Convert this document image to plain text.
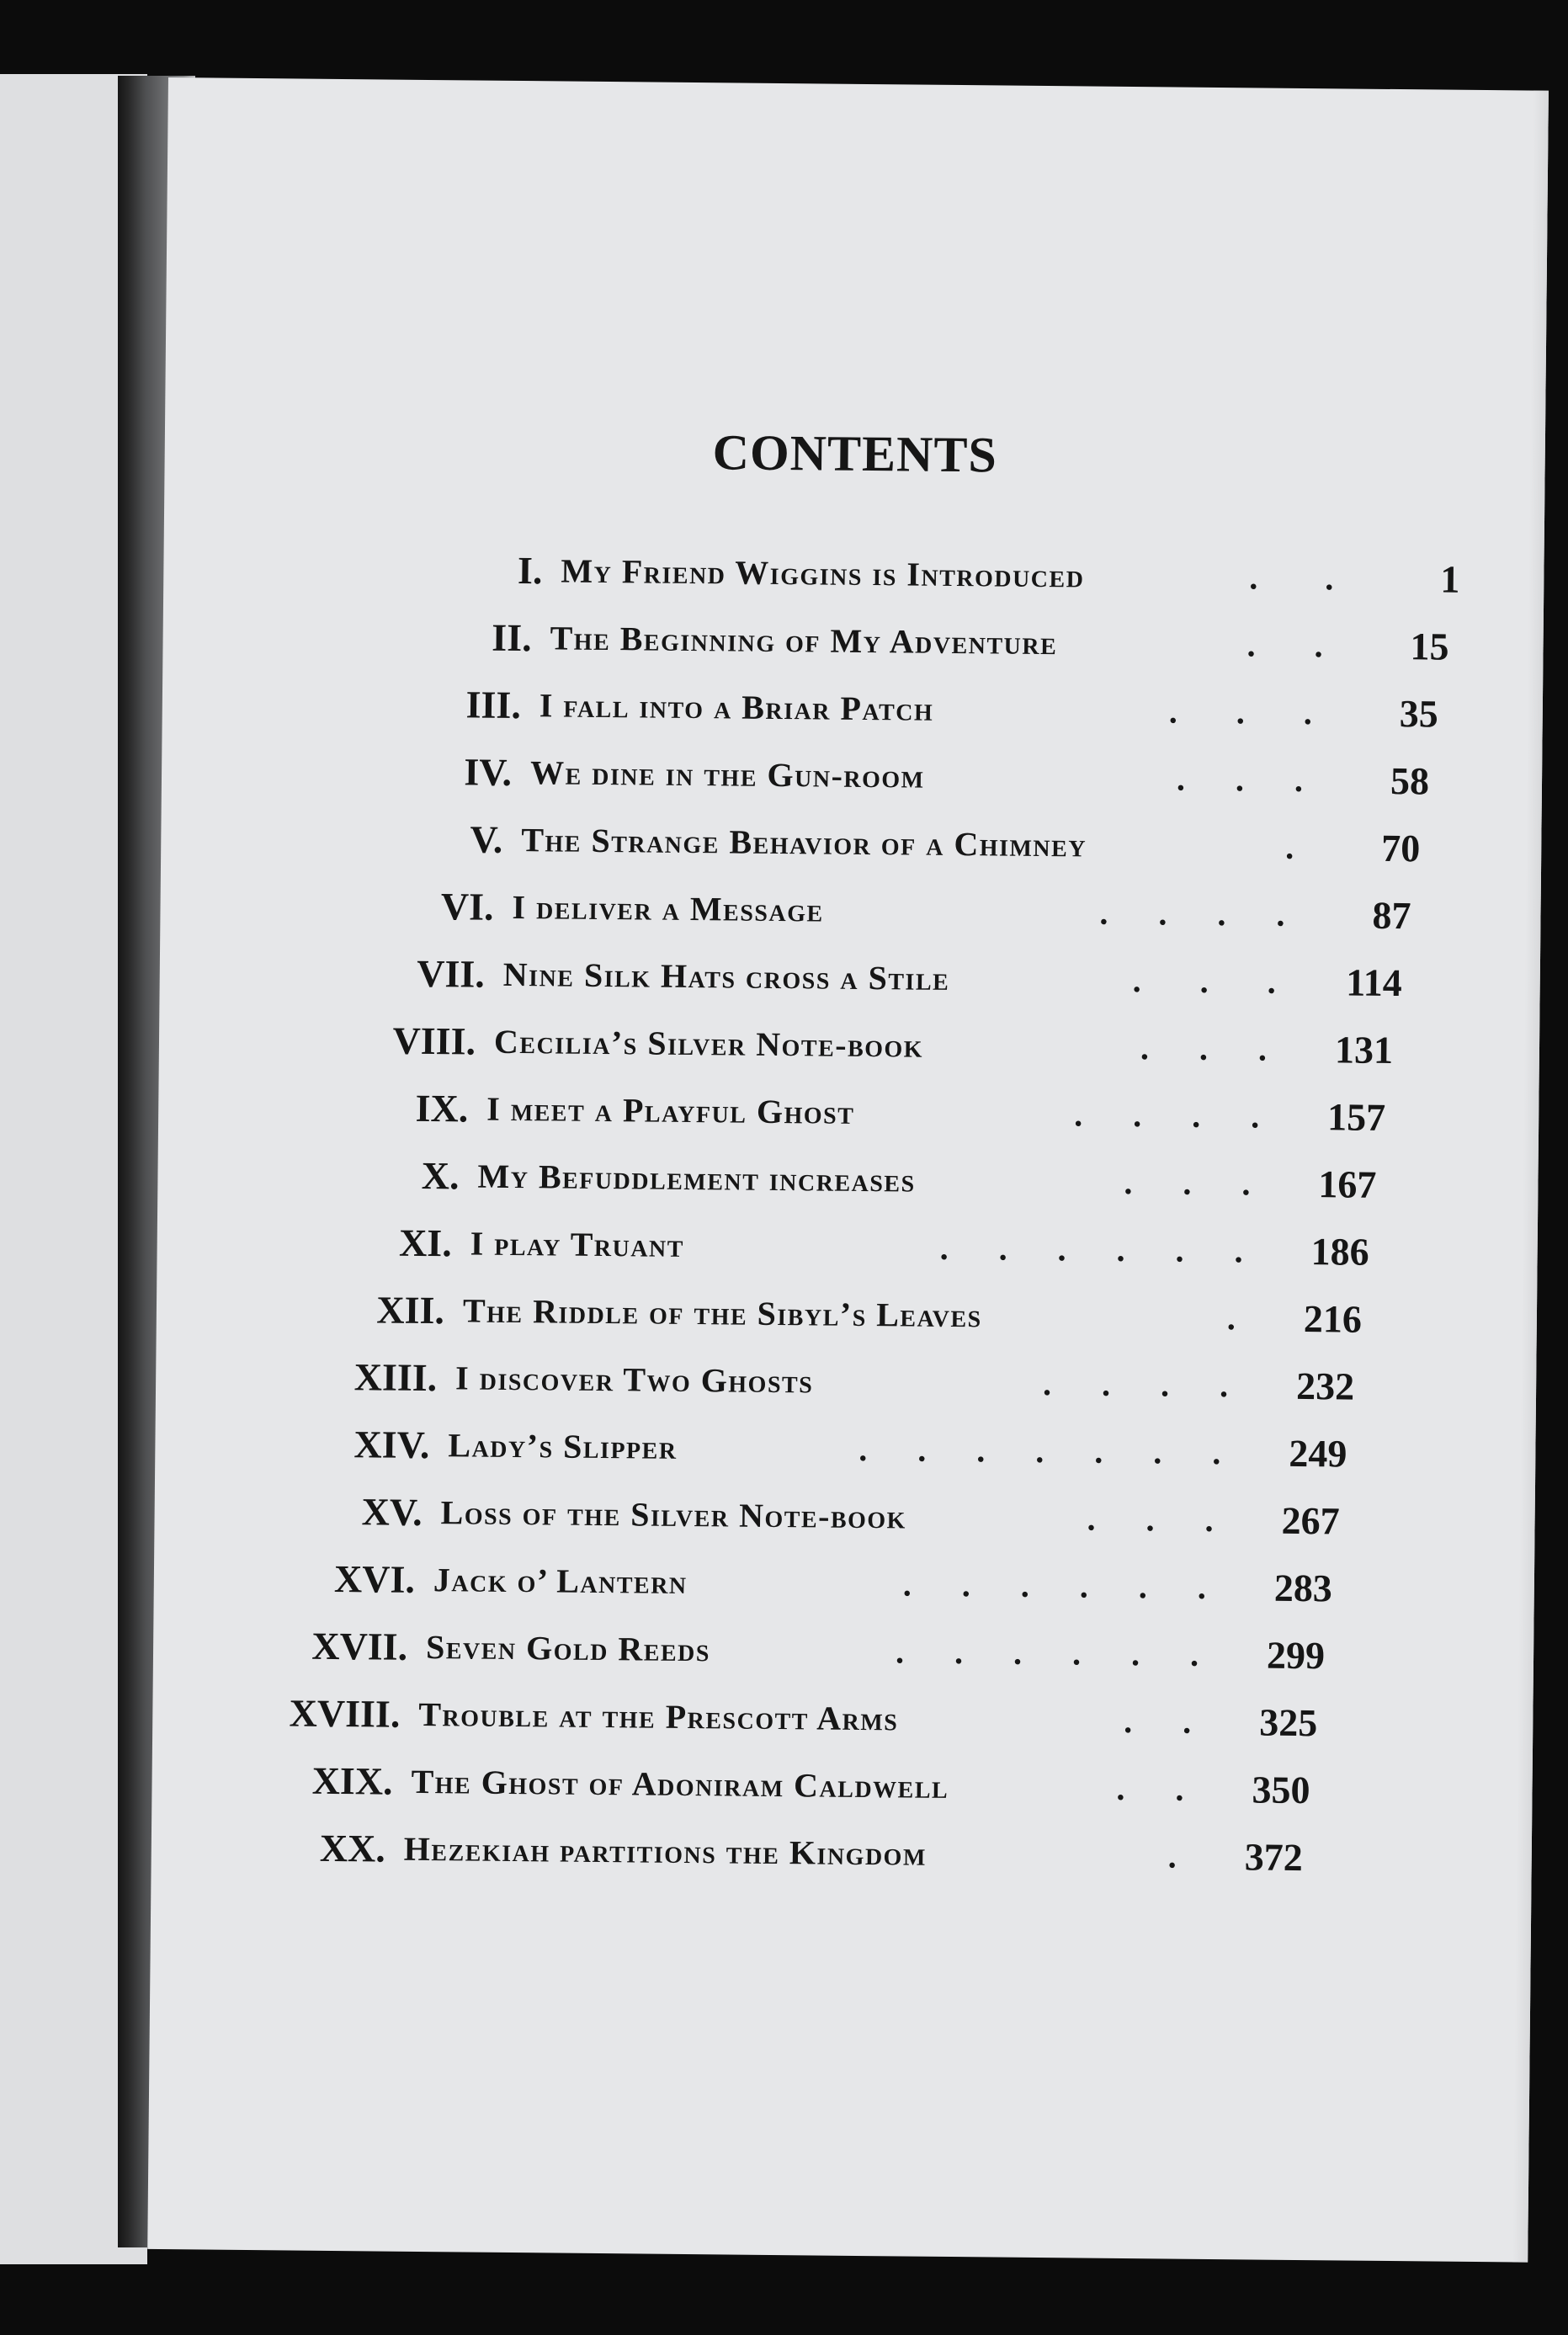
CONTENTS
I. My Friend Wiggins is Introduced	.        .	1
II. The Beginning of My Adventure	.       .	15
III. I fall into a Briar Patch	.       .       .	35
IV. We dine in the Gun-room	.      .      .	58
V. The Strange Behavior of a Chimney	.	70
VI. I deliver a Message	.      .      .      .	87
VII. Nine Silk Hats cross a Stile	.       .       .	114
VIII. Cecilia’s Silver Note-book	.      .      .	131
IX. I meet a Playful Ghost	.      .      .      .	157
X. My Befuddlement increases	.      .      .	167
XI. I play Truant	.      .      .      .      .      .	186
XII. The Riddle of the Sibyl’s Leaves	.	216
XIII. I discover Two Ghosts	.      .      .      .	232
XIV. Lady’s Slipper	.      .      .      .      .      .      .	249
XV. Loss of the Silver Note-book	.      .      .	267
XVI. Jack o’ Lantern	.      .      .      .      .      .	283
XVII. Seven Gold Reeds	.      .      .      .      .      .	299
XVIII. Trouble at the Prescott Arms	.      .	325
XIX. The Ghost of Adoniram Caldwell	.      .	350
XX. Hezekiah partitions the Kingdom	.	372
